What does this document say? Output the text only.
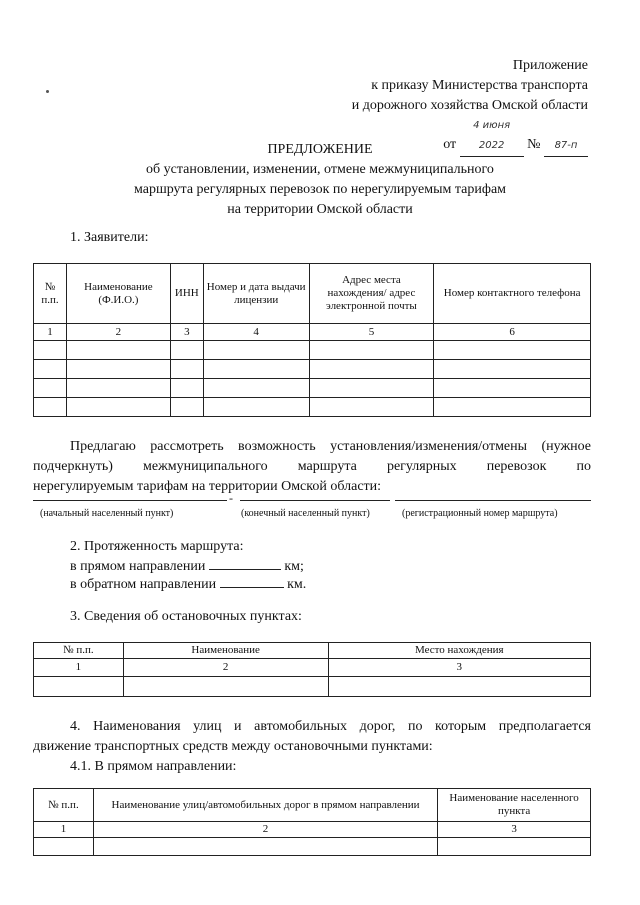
Приложение
к приказу Министерства транспорта
и дорожного хозяйства Омской области
от 4 июня 2022 № 87-п
ПРЕДЛОЖЕНИЕ
об установлении, изменении, отмене межмуниципального
маршрута регулярных перевозок по нерегулируемым тарифам
на территории Омской области
1. Заявители:
№ п.п.	Наименование (Ф.И.О.)	ИНН	Номер и дата выдачи лицензии	Адрес места нахождения/ адрес электронной почты	Номер контактного телефона
1	2	3	4	5	6

Предлагаю рассмотреть возможность установления/изменения/отмены (нужное
подчеркнуть) межмуниципального маршрута регулярных перевозок по
нерегулируемым тарифам на территории Омской области:
-
(начальный населенный пункт)	(конечный населенный пункт)	(регистрационный номер маршрута)
2. Протяженность маршрута:
в прямом направлении	км;
в обратном направлении	км.
3. Сведения об остановочных пунктах:
№ п.п.	Наименование	Место нахождения
1	2	3

4. Наименования улиц и автомобильных дорог, по которым предполагается
движение транспортных средств между остановочными пунктами:
4.1. В прямом направлении:
№ п.п.	Наименование улиц/автомобильных дорог в прямом направлении	Наименование населенного пункта
1	2	3
